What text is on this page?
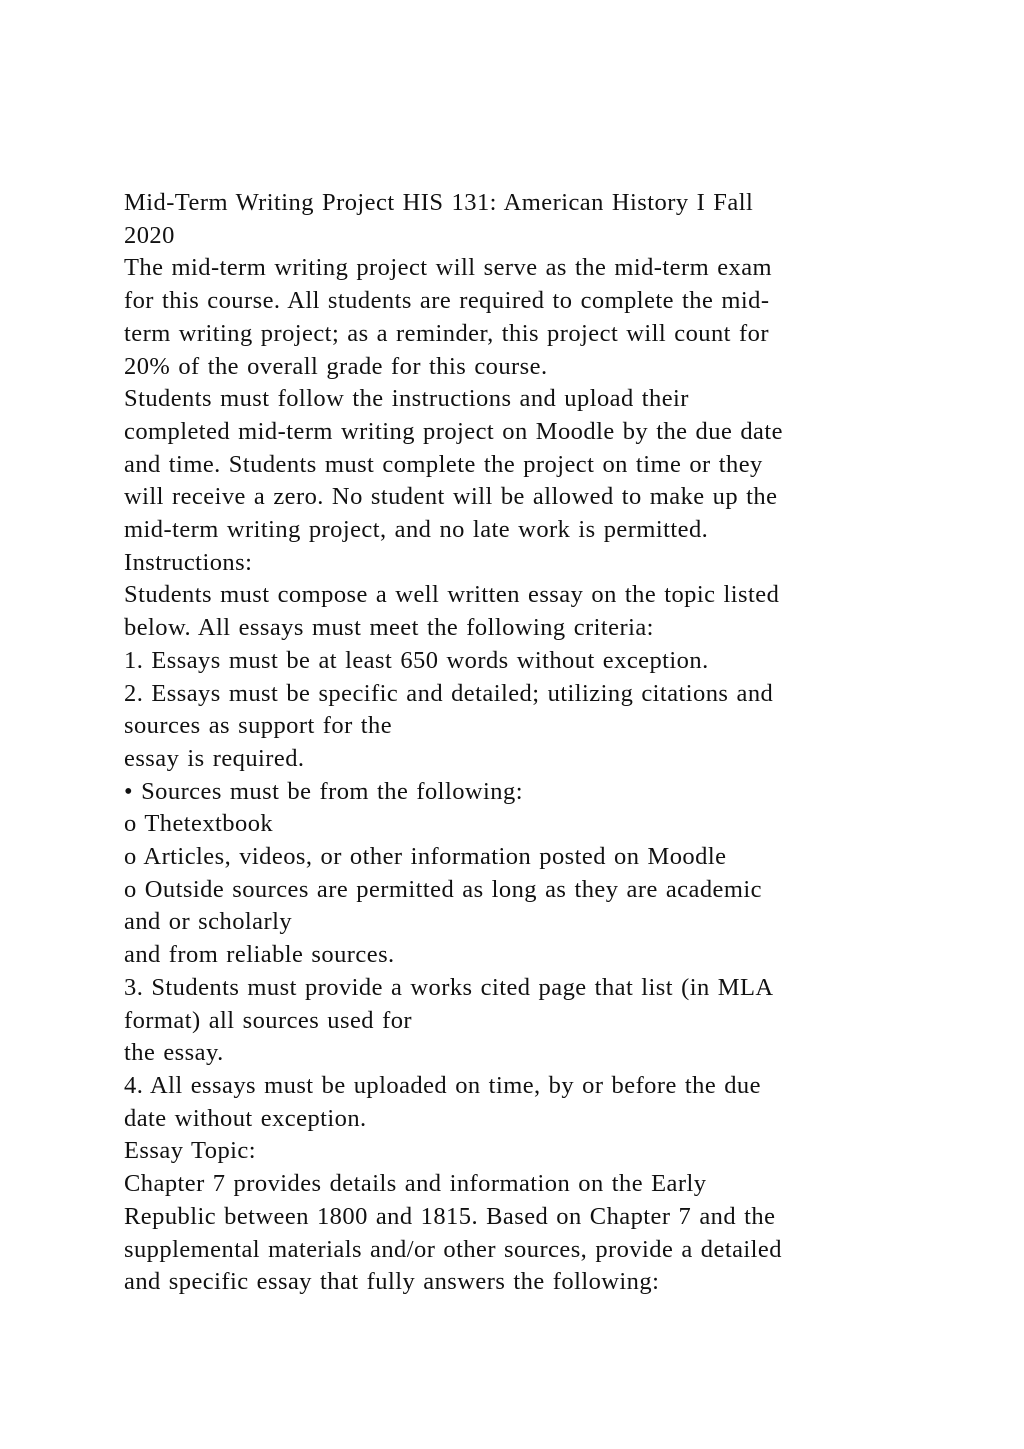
Mid-Term Writing Project HIS 131: American History I Fall
2020
The mid-term writing project will serve as the mid-term exam
for this course. All students are required to complete the mid-
term writing project; as a reminder, this project will count for
20% of the overall grade for this course.
Students must follow the instructions and upload their
completed mid-term writing project on Moodle by the due date
and time. Students must complete the project on time or they
will receive a zero. No student will be allowed to make up the
mid-term writing project, and no late work is permitted.
Instructions:
Students must compose a well written essay on the topic listed
below. All essays must meet the following criteria:
1. Essays must be at least 650 words without exception.
2. Essays must be specific and detailed; utilizing citations and
sources as support for the
essay is required.
• Sources must be from the following:
o Thetextbook
o Articles, videos, or other information posted on Moodle
o Outside sources are permitted as long as they are academic
and or scholarly
and from reliable sources.
3. Students must provide a works cited page that list (in MLA
format) all sources used for
the essay.
4. All essays must be uploaded on time, by or before the due
date without exception.
Essay Topic:
Chapter 7 provides details and information on the Early
Republic between 1800 and 1815. Based on Chapter 7 and the
supplemental materials and/or other sources, provide a detailed
and specific essay that fully answers the following:
